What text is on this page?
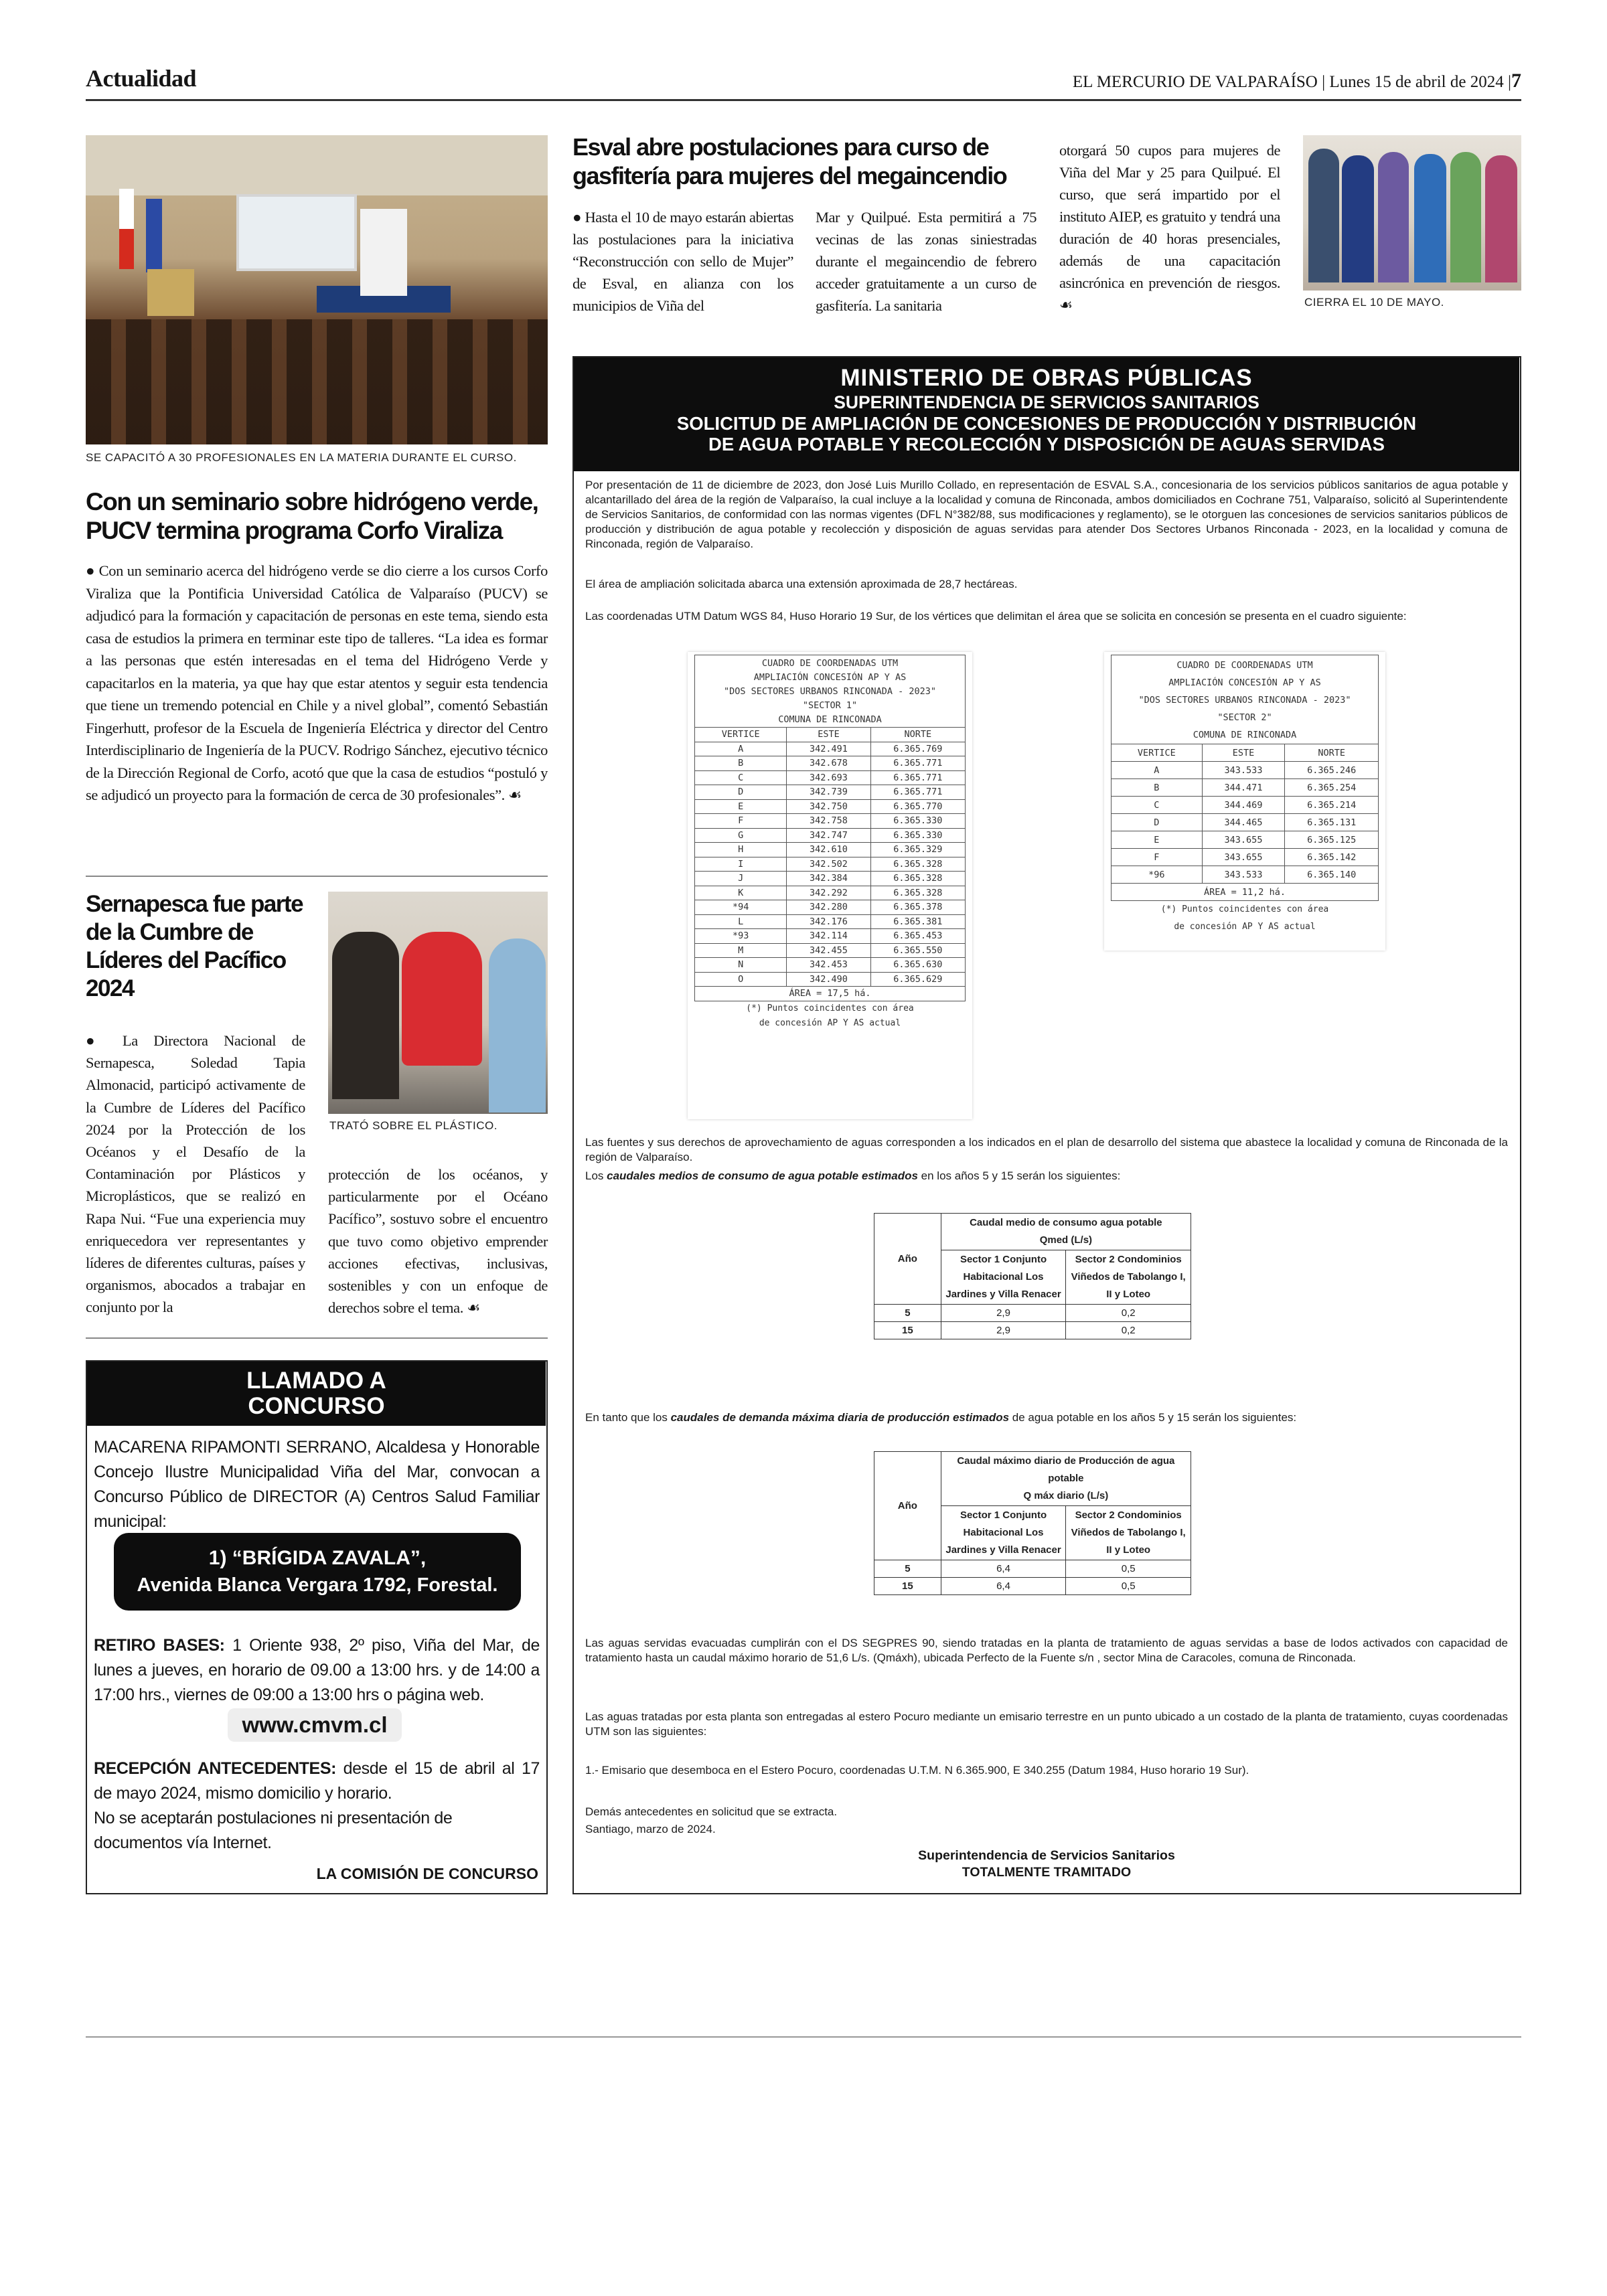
Actualidad	EL MERCURIO DE VALPARAÍSO | Lunes 15 de abril de 2024 |7
SE CAPACITÓ A 30 PROFESIONALES EN LA MATERIA DURANTE EL CURSO.
Con un seminario sobre hidrógeno verde, PUCV termina programa Corfo Viraliza
● Con un seminario acerca del hidrógeno verde se dio cierre a los cursos Corfo Viraliza que la Pontificia Universidad Católica de Valparaíso (PUCV) se adjudicó para la formación y capacitación de personas en este tema, siendo esta casa de estudios la primera en terminar este tipo de talleres. “La idea es formar a las personas que estén interesadas en el tema del Hidrógeno Verde y capacitarlos en la materia, ya que hay que estar atentos y seguir esta tendencia que tiene un tremendo potencial en Chile y a nivel global”, comentó Sebastián Fingerhutt, profesor de la Escuela de Ingeniería Eléctrica y director del Centro Interdisciplinario de Ingeniería de la PUCV. Rodrigo Sánchez, ejecutivo técnico de la Dirección Regional de Corfo, acotó que que la casa de estudios “postuló y se adjudicó un proyecto para la formación de cerca de 30 profesionales”. ☙
Sernapesca fue parte de la Cumbre de Líderes del Pacífico 2024
TRATÓ SOBRE EL PLÁSTICO.
● La Directora Nacional de Sernapesca, Soledad Tapia Almonacid, participó activamente de la Cumbre de Líderes del Pacífico 2024 por la Protección de los Océanos y el Desafío de la Contaminación por Plásticos y Microplásticos, que se realizó en Rapa Nui. “Fue una experiencia muy enriquecedora ver representantes y líderes de diferentes culturas, países y organismos, abocados a trabajar en conjunto por la
protección de los océanos, y particularmente por el Océano Pacífico”, sostuvo sobre el encuentro que tuvo como objetivo emprender acciones efectivas, inclusivas, sostenibles y con un enfoque de derechos sobre el tema. ☙
LLAMADO A
CONCURSO
MACARENA RIPAMONTI SERRANO, Alcaldesa y Honorable Concejo Ilustre Municipalidad Viña del Mar, convocan a Concurso Público de DIRECTOR (A) Centros Salud Familiar municipal:
1) “BRÍGIDA ZAVALA”,
Avenida Blanca Vergara 1792, Forestal.
RETIRO BASES: 1 Oriente 938, 2º piso, Viña del Mar, de lunes a jueves, en horario de 09.00 a 13:00 hrs. y de 14:00 a 17:00 hrs., viernes de 09:00 a 13:00 hrs o página web.
www.cmvm.cl
RECEPCIÓN ANTECEDENTES: desde el 15 de abril al 17 de mayo 2024, mismo domicilio y horario.
No se aceptarán postulaciones ni presentación de documentos vía Internet.
LA COMISIÓN DE CONCURSO
Esval abre postulaciones para curso de gasfitería para mujeres del megaincendio
● Hasta el 10 de mayo estarán abiertas las postulaciones para la iniciativa “Reconstrucción con sello de Mujer” de Esval, en alianza con los municipios de Viña del
Mar y Quilpué. Esta permitirá a 75 vecinas de las zonas siniestradas durante el megaincendio de febrero acceder gratuitamente a un curso de gasfitería. La sanitaria
otorgará 50 cupos para mujeres de Viña del Mar y 25 para Quilpué. El curso, que será impartido por el instituto AIEP, es gratuito y tendrá una duración de 40 horas presenciales, además de una capacitación asincrónica en prevención de riesgos. ☙	CIERRA EL 10 DE MAYO.
MINISTERIO DE OBRAS PÚBLICAS
SUPERINTENDENCIA DE SERVICIOS SANITARIOS
SOLICITUD DE AMPLIACIÓN DE CONCESIONES DE PRODUCCIÓN Y DISTRIBUCIÓN
DE AGUA POTABLE Y RECOLECCIÓN Y DISPOSICIÓN DE AGUAS SERVIDAS
Por presentación de 11 de diciembre de 2023, don José Luis Murillo Collado, en representación de ESVAL S.A., concesionaria de los servicios públicos sanitarios de agua potable y alcantarillado del área de la región de Valparaíso, la cual incluye a la localidad y comuna de Rinconada, ambos domiciliados en Cochrane 751, Valparaíso, solicitó al Superintendente de Servicios Sanitarios, de conformidad con las normas vigentes (DFL N°382/88, sus modificaciones y reglamento), se le otorguen las concesiones de servicios sanitarios públicos de producción y distribución de agua potable y recolección y disposición de aguas servidas para atender Dos Sectores Urbanos Rinconada - 2023, en la localidad y comuna de Rinconada, región de Valparaíso.
El área de ampliación solicitada abarca una extensión aproximada de 28,7 hectáreas.
Las coordenadas UTM Datum WGS 84, Huso Horario 19 Sur, de los vértices que delimitan el área que se solicita en concesión se presenta en el cuadro siguiente:
CUADRO DE COORDENADAS UTM
AMPLIACIÓN CONCESIÓN AP Y AS
"DOS SECTORES URBANOS RINCONADA - 2023"
"SECTOR 1"
COMUNA DE RINCONADA
VERTICE	ESTE	NORTE
A	342.491	6.365.769
B	342.678	6.365.771
C	342.693	6.365.771
D	342.739	6.365.771
E	342.750	6.365.770
F	342.758	6.365.330
G	342.747	6.365.330
H	342.610	6.365.329
I	342.502	6.365.328
J	342.384	6.365.328
K	342.292	6.365.328
*94	342.280	6.365.378
L	342.176	6.365.381
*93	342.114	6.365.453
M	342.455	6.365.550
N	342.453	6.365.630
O	342.490	6.365.629
ÁREA = 17,5 há.		
(*) Puntos coincidentes con área
de concesión AP Y AS actual
CUADRO DE COORDENADAS UTM
AMPLIACIÓN CONCESIÓN AP Y AS
"DOS SECTORES URBANOS RINCONADA - 2023"
"SECTOR 2"
COMUNA DE RINCONADA
VERTICE	ESTE	NORTE
A	343.533	6.365.246
B	344.471	6.365.254
C	344.469	6.365.214
D	344.465	6.365.131
E	343.655	6.365.125
F	343.655	6.365.142
*96	343.533	6.365.140
ÁREA = 11,2 há.		
(*) Puntos coincidentes con área
de concesión AP Y AS actual
Las fuentes y sus derechos de aprovechamiento de aguas corresponden a los indicados en el plan de desarrollo del sistema que abastece la localidad y comuna de Rinconada de la región de Valparaíso.
Los caudales medios de consumo de agua potable estimados en los años 5 y 15 serán los siguientes:
Año	Caudal medio de consumo agua potable
Qmed (L/s)	

	Sector 1 Conjunto Habitacional Los Jardines y Villa Renacer	Sector 2 Condominios Viñedos de Tabolango I, II y Loteo
5	2,9	0,2
15	2,9	0,2
En tanto que los caudales de demanda máxima diaria de producción estimados de agua potable en los años 5 y 15 serán los siguientes:
Año	Caudal máximo diario de Producción de agua potable
Q máx diario (L/s)	

	Sector 1 Conjunto Habitacional Los Jardines y Villa Renacer	Sector 2 Condominios Viñedos de Tabolango I, II y Loteo
5	6,4	0,5
15	6,4	0,5
Las aguas servidas evacuadas cumplirán con el DS SEGPRES 90, siendo tratadas en la planta de tratamiento de aguas servidas a base de lodos activados con capacidad de tratamiento hasta un caudal máximo horario de 51,6 L/s. (Qmáxh), ubicada Perfecto de la Fuente s/n , sector Mina de Caracoles, comuna de Rinconada.
Las aguas tratadas por esta planta son entregadas al estero Pocuro mediante un emisario terrestre en un punto ubicado a un costado de la planta de tratamiento, cuyas coordenadas UTM son las siguientes:
1.- Emisario que desemboca en el Estero Pocuro, coordenadas U.T.M. N 6.365.900, E 340.255 (Datum 1984, Huso horario 19 Sur).
Demás antecedentes en solicitud que se extracta.
Santiago, marzo de 2024.
Superintendencia de Servicios Sanitarios
TOTALMENTE TRAMITADO
